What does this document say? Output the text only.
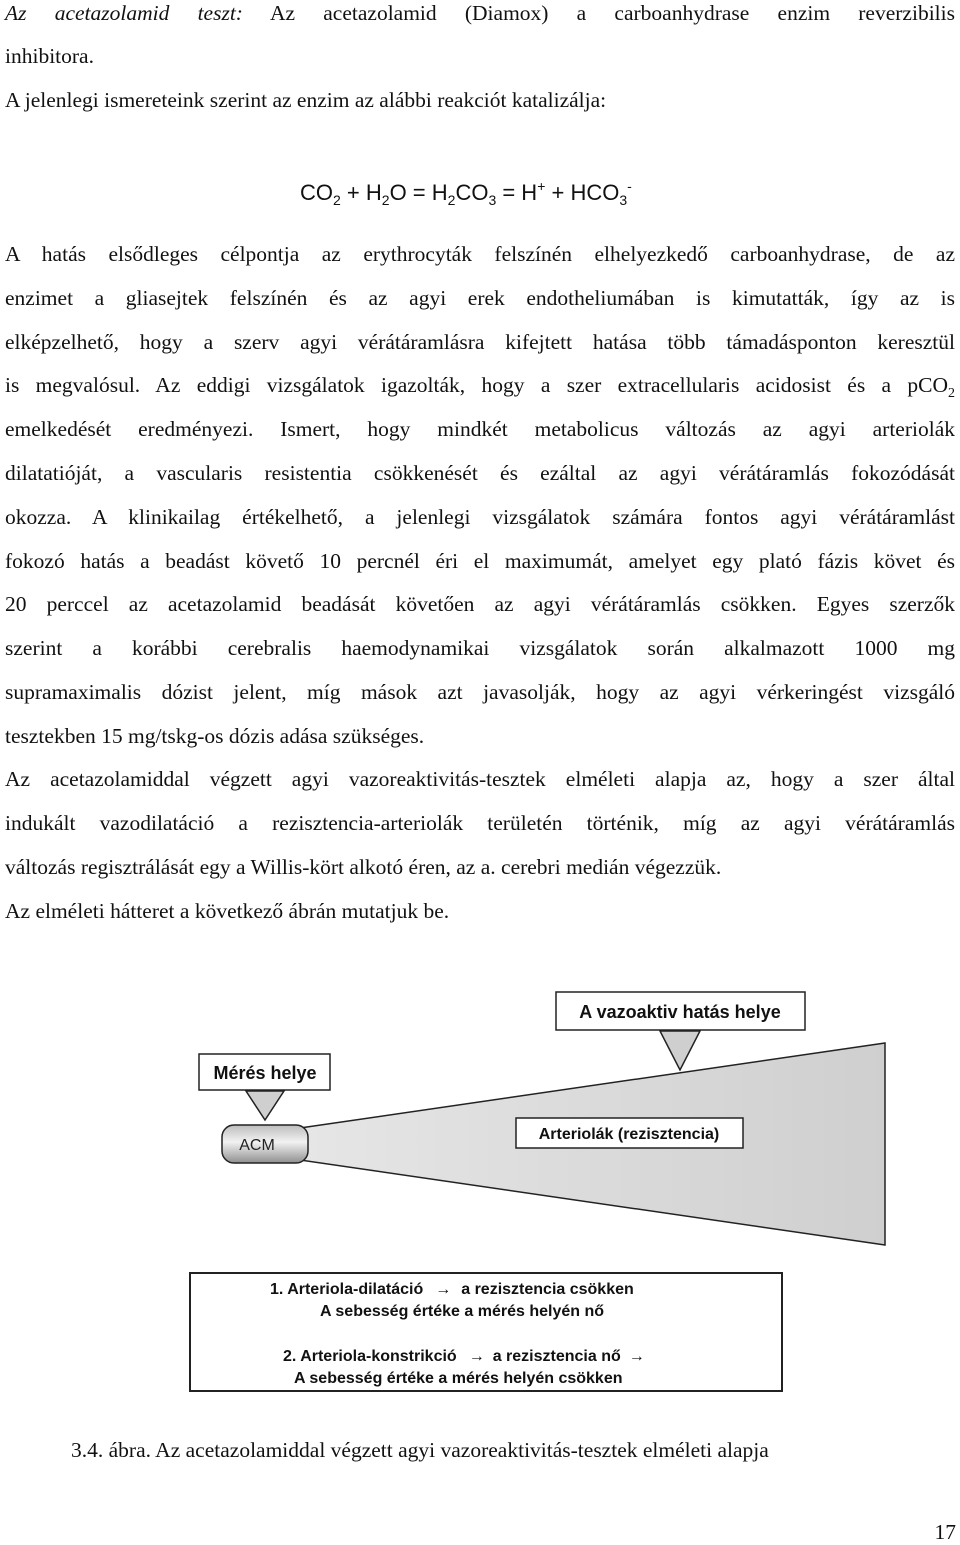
Az acetazolamid teszt: Az acetazolamid (Diamox) a carboanhydrase enzim reverzibilis
inhibitora.
A jelenlegi ismereteink szerint az enzim az alábbi reakciót katalizálja:
$CO_2 + H_2O = H_2CO_3 = H^+ + HCO_3^-$
A hatás elsődleges célpontja az erythrocyták felszínén elhelyezkedő carboanhydrase, de az
enzimet a gliasejtek felszínén és az agyi erek endotheliumában is kimutatták, így az is
elképzelhető, hogy a szerv agyi vérátáramlásra kifejtett hatása több támadásponton keresztül
is megvalósul. Az eddigi vizsgálatok igazolták, hogy a szer extracellularis acidosist és a pCO$_2$
emelkedését eredményezi. Ismert, hogy mindkét metabolicus változás az agyi arteriolák
dilatatióját, a vascularis resistentia csökkenését és ezáltal az agyi vérátáramlás fokozódását
okozza. A klinikailag értékelhető, a jelenlegi vizsgálatok számára fontos agyi vérátáramlást
fokozó hatás a beadást követő 10 percnél éri el maximumát, amelyet egy plató fázis követ és
20 perccel az acetazolamid beadását követően az agyi vérátáramlás csökken. Egyes szerzők
szerint a korábbi cerebralis haemodynamikai vizsgálatok során alkalmazott 1000 mg
supramaximalis dózist jelent, míg mások azt javasolják, hogy az agyi vérkeringést vizsgáló
tesztekben 15 mg/tskg-os dózis adása szükséges.
Az acetazolamiddal végzett agyi vazoreaktivitás-tesztek elméleti alapja az, hogy a szer által
indukált vazodilatáció a rezisztencia-arteriolák területén történik, míg az agyi vérátáramlás
változás regisztrálását egy a Willis-kört alkotó éren, az a. cerebri medián végezzük.
Az elméleti hátteret a következő ábrán mutatjuk be.
ACM
Mérés helye
A vazoaktiv hatás helye
Arteriolák (rezisztencia)
1. Arteriola-dilatáció → a rezisztencia csökken
A sebesség értéke a mérés helyén nő
2. Arteriola-konstrikció → a rezisztencia nő →
A sebesség értéke a mérés helyén csökken
3.4. ábra. Az acetazolamiddal végzett agyi vazoreaktivitás-tesztek elméleti alapja
17
